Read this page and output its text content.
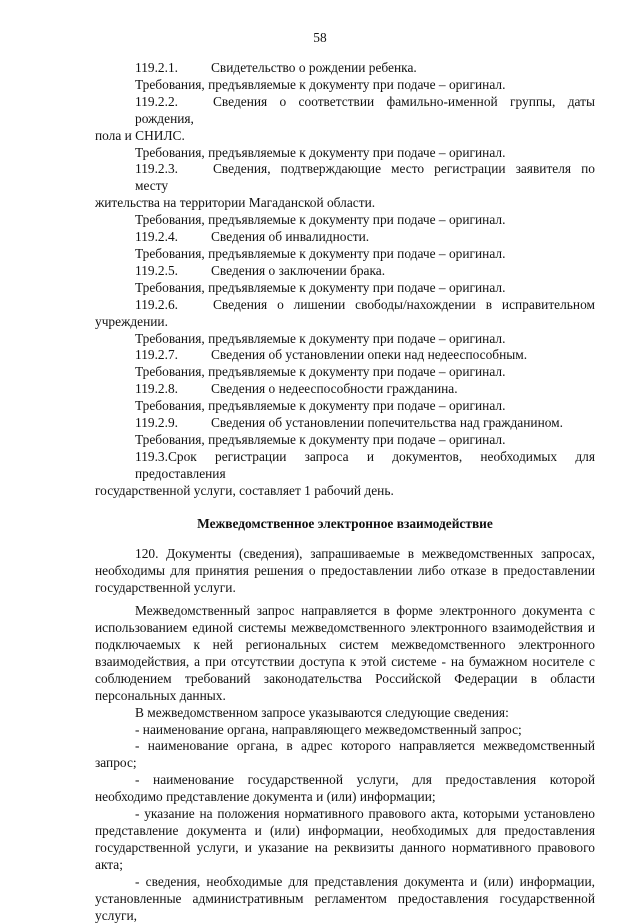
58

119.2.1. Свидетельство о рождении ребенка.

Требования, предъявляемые к документу при подаче – оригинал.

119.2.2.	Сведения о соответствии фамильно-именной группы, даты рождения,

пола и СНИЛС.

Требования, предъявляемые к документу при подаче – оригинал.

119.2.3.	Сведения, подтверждающие место регистрации заявителя по месту

жительства на территории Магаданской области.

Требования, предъявляемые к документу при подаче – оригинал.

119.2.4. Сведения об инвалидности.

Требования, предъявляемые к документу при подаче – оригинал.

119.2.5. Сведения о заключении брака.

Требования, предъявляемые к документу при подаче – оригинал.

119.2.6.	Сведения о лишении свободы/нахождении в исправительном

учреждении.

Требования, предъявляемые к документу при подаче – оригинал.

119.2.7. Сведения об установлении опеки над недееспособным.

Требования, предъявляемые к документу при подаче – оригинал.

119.2.8. Сведения о недееспособности гражданина.

Требования, предъявляемые к документу при подаче – оригинал.

119.2.9. Сведения об установлении попечительства над гражданином.

Требования, предъявляемые к документу при подаче – оригинал.

119.3.Срок регистрации запроса и документов, необходимых для предоставления

государственной услуги, составляет 1 рабочий день.

Межведомственное электронное взаимодействие

120. Документы (сведения), запрашиваемые в межведомственных запросах, необходимы для принятия решения о предоставлении либо отказе в предоставлении государственной услуги.

Межведомственный запрос направляется в форме электронного документа с использованием единой системы межведомственного электронного взаимодействия и подключаемых к ней региональных систем межведомственного электронного взаимодействия, а при отсутствии доступа к этой системе - на бумажном носителе с соблюдением требований законодательства Российской Федерации в области персональных данных.

В межведомственном запросе указываются следующие сведения:

- наименование органа, направляющего межведомственный запрос;

- наименование органа, в адрес которого направляется межведомственный запрос;

- наименование государственной услуги, для предоставления которой необходимо представление документа и (или) информации;

- указание на положения нормативного правового акта, которыми установлено представление документа и (или) информации, необходимых для предоставления государственной услуги, и указание на реквизиты данного нормативного правового акта;

- сведения, необходимые для представления документа и (или) информации, установленные административным регламентом предоставления государственной услуги,
